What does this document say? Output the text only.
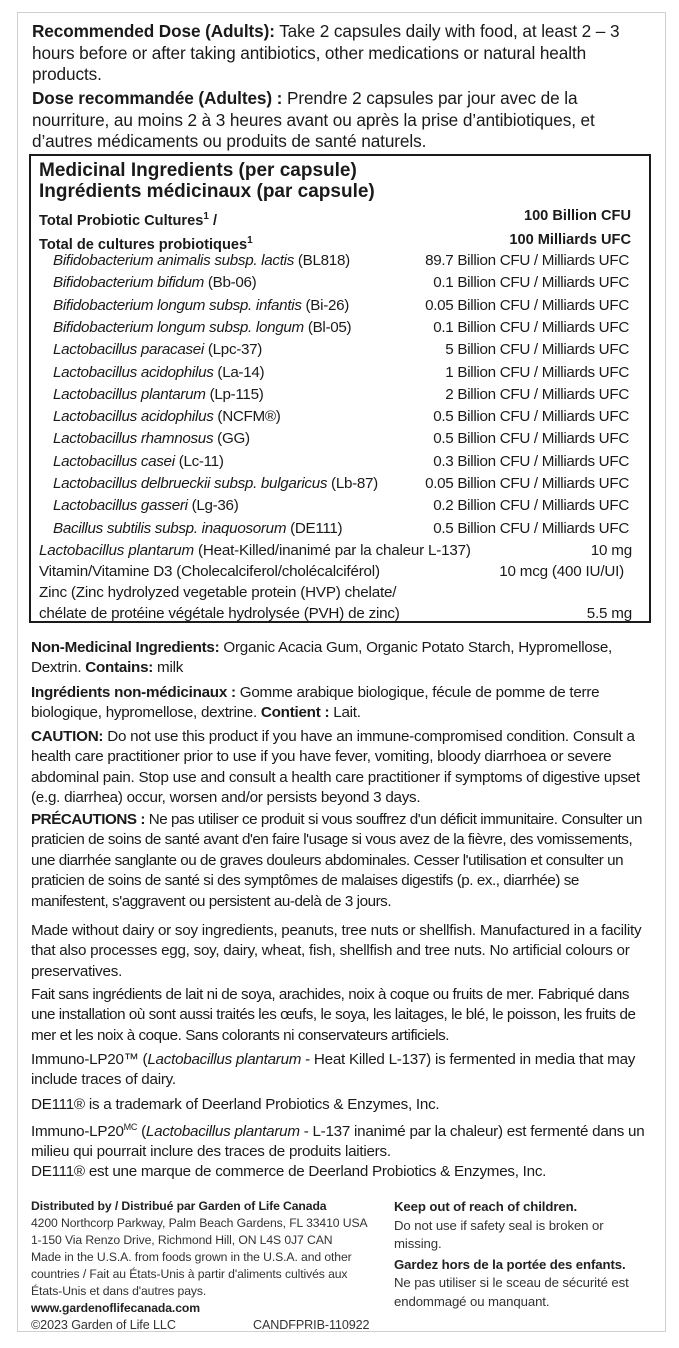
Recommended Dose (Adults): Take 2 capsules daily with food, at least 2 – 3 hours before or after taking antibiotics, other medications or natural health products.

Dose recommandée (Adultes) : Prendre 2 capsules par jour avec de la nourriture, au moins 2 à 3 heures avant ou après la prise d’antibiotiques, et d’autres médicaments ou produits de santé naturels.

Medicinal Ingredients (per capsule)
Ingrédients médicinaux (par capsule)
Total Probiotic Cultures$^1$ /	100 Billion CFU
Total de cultures probiotiques$^1$	100 Milliards UFC
Bifidobacterium animalis subsp. lactis (BL818)	89.7 Billion CFU / Milliards UFC
Bifidobacterium bifidum (Bb-06)	0.1 Billion CFU / Milliards UFC
Bifidobacterium longum subsp. infantis (Bi-26)	0.05 Billion CFU / Milliards UFC
Bifidobacterium longum subsp. longum (Bl-05)	0.1 Billion CFU / Milliards UFC
Lactobacillus paracasei (Lpc-37)	5 Billion CFU / Milliards UFC
Lactobacillus acidophilus (La-14)	1 Billion CFU / Milliards UFC
Lactobacillus plantarum (Lp-115)	2 Billion CFU / Milliards UFC
Lactobacillus acidophilus (NCFM®)	0.5 Billion CFU / Milliards UFC
Lactobacillus rhamnosus (GG)	0.5 Billion CFU / Milliards UFC
Lactobacillus casei (Lc-11)	0.3 Billion CFU / Milliards UFC
Lactobacillus delbrueckii subsp. bulgaricus (Lb-87)	0.05 Billion CFU / Milliards UFC
Lactobacillus gasseri (Lg-36)	0.2 Billion CFU / Milliards UFC
Bacillus subtilis subsp. inaquosorum (DE111)	0.5 Billion CFU / Milliards UFC
Lactobacillus plantarum (Heat-Killed/inanimé par la chaleur L-137)	10 mg
Vitamin/Vitamine D3 (Cholecalciferol/cholécalciférol)	10 mcg (400 IU/UI)
Zinc (Zinc hydrolyzed vegetable protein (HVP) chelate/
chélate de protéine végétale hydrolysée (PVH) de zinc)	5.5 mg

Non-Medicinal Ingredients: Organic Acacia Gum, Organic Potato Starch, Hypromellose, Dextrin. Contains: milk

Ingrédients non-médicinaux : Gomme arabique biologique, fécule de pomme de terre biologique, hypromellose, dextrine. Contient : Lait.

CAUTION: Do not use this product if you have an immune-compromised condition. Consult a health care practitioner prior to use if you have fever, vomiting, bloody diarrhoea or severe abdominal pain. Stop use and consult a health care practitioner if symptoms of digestive upset (e.g. diarrhea) occur, worsen and/or persists beyond 3 days.

PRÉCAUTIONS : Ne pas utiliser ce produit si vous souffrez d'un déficit immunitaire. Consulter un praticien de soins de santé avant d'en faire l'usage si vous avez de la fièvre, des vomissements, une diarrhée sanglante ou de graves douleurs abdominales. Cesser l'utilisation et consulter un praticien de soins de santé si des symptômes de malaises digestifs (p. ex., diarrhée) se manifestent, s'aggravent ou persistent au-delà de 3 jours.

Made without dairy or soy ingredients, peanuts, tree nuts or shellfish. Manufactured in a facility that also processes egg, soy, dairy, wheat, fish, shellfish and tree nuts. No artificial colours or preservatives.

Fait sans ingrédients de lait ni de soya, arachides, noix à coque ou fruits de mer. Fabriqué dans une installation où sont aussi traités les œufs, le soya, les laitages, le blé, le poisson, les fruits de mer et les noix à coque. Sans colorants ni conservateurs artificiels.

Immuno-LP20™ (Lactobacillus plantarum - Heat Killed L-137) is fermented in media that may include traces of dairy.

DE111® is a trademark of Deerland Probiotics & Enzymes, Inc.

Immuno-$LP20^{MC}$ (Lactobacillus plantarum - L-137 inanimé par la chaleur) est fermenté dans un milieu qui pourrait inclure des traces de produits laitiers.

DE111® est une marque de commerce de Deerland Probiotics & Enzymes, Inc.

Distributed by / Distribué par Garden of Life Canada
4200 Northcorp Parkway, Palm Beach Gardens, FL 33410 USA
1-150 Via Renzo Drive, Richmond Hill, ON L4S 0J7 CAN
Made in the U.S.A. from foods grown in the U.S.A. and other countries / Fait au États-Unis à partir d'aliments cultivés aux États-Unis et dans d'autres pays. www.gardenoflifecanada.com
©2023 Garden of Life LLC	CANDFPRIB-110922
Keep out of reach of children.
Do not use if safety seal is broken or missing.
Gardez hors de la portée des enfants.
Ne pas utiliser si le sceau de sécurité est endommagé ou manquant.
